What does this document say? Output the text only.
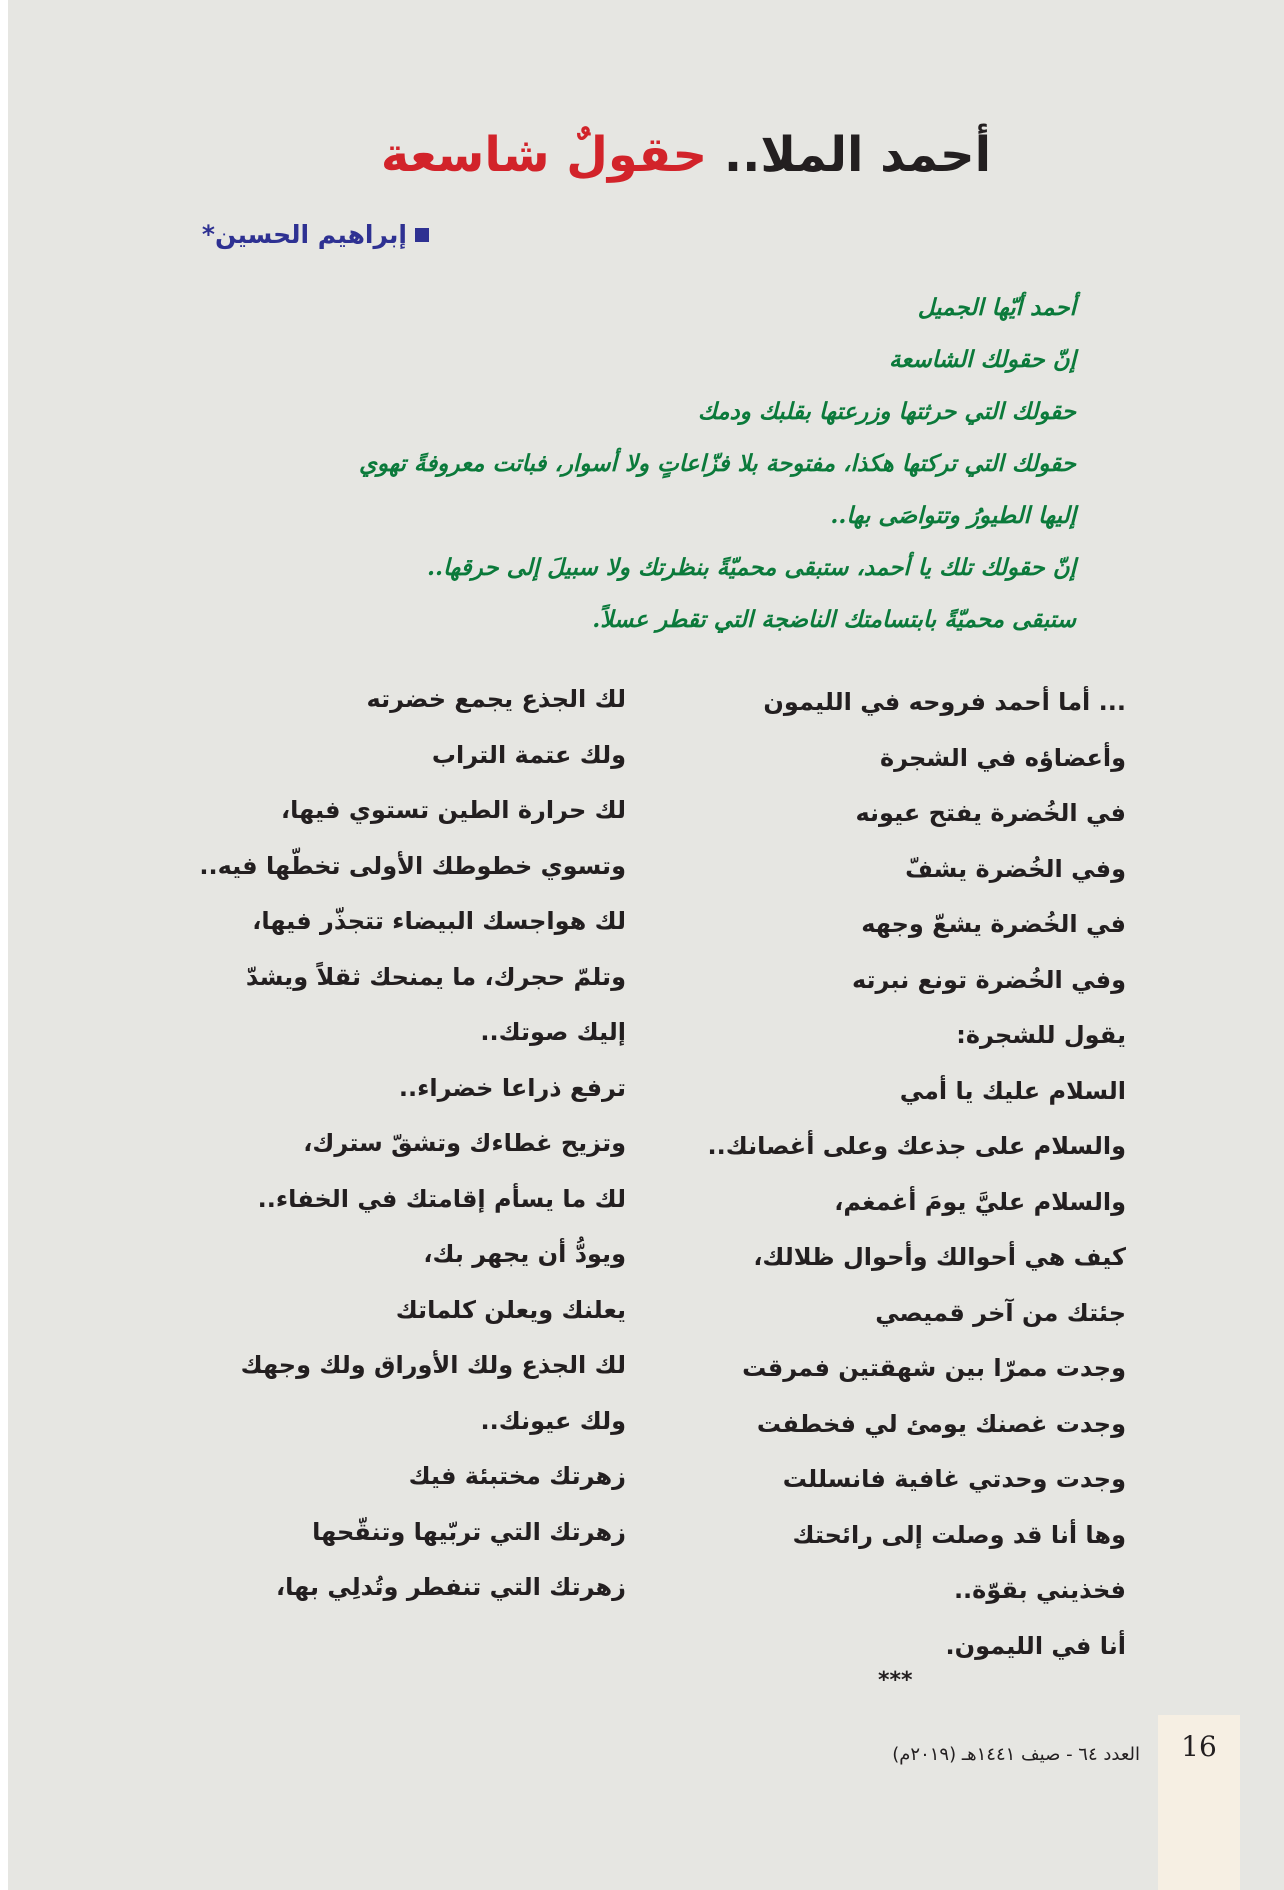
أحمد الملا.. حقولٌ شاسعة
إبراهيم الحسين*
أحمد أيّها الجميل
إنّ حقولك الشاسعة
حقولك التي حرثتها وزرعتها بقلبك ودمك
حقولك التي تركتها هكذا، مفتوحة بلا فزّاعاتٍ ولا أسوار، فباتت معروفةً تهوي
إليها الطيورُ وتتواصَى بها..
إنّ حقولك تلك يا أحمد، ستبقى محميّةً بنظرتك ولا سبيلَ إلى حرقها..
ستبقى محميّةً بابتسامتك الناضجة التي تقطر عسلاً.
... أما أحمد فروحه في الليمون
وأعضاؤه في الشجرة
في الخُضرة يفتح عيونه
وفي الخُضرة يشفّ
في الخُضرة يشعّ وجهه
وفي الخُضرة تونع نبرته
يقول للشجرة:
السلام عليك يا أمي
والسلام على جذعك وعلى أغصانك..
والسلام عليَّ يومَ أغمغم،
كيف هي أحوالك وأحوال ظلالك،
جئتك من آخر قميصي
وجدت ممرّا بين شهقتين فمرقت
وجدت غصنك يومئ لي فخطفت
وجدت وحدتي غافية فانسللت
وها أنا قد وصلت إلى رائحتك
فخذيني بقوّة..
أنا في الليمون.
لك الجذع يجمع خضرته
ولك عتمة التراب
لك حرارة الطين تستوي فيها،
وتسوي خطوطك الأولى تخطّها فيه..
لك هواجسك البيضاء تتجذّر فيها،
وتلمّ حجرك، ما يمنحك ثقلاً ويشدّ
إليك صوتك..
ترفع ذراعا خضراء..
وتزيح غطاءك وتشقّ سترك،
لك ما يسأم إقامتك في الخفاء..
ويودُّ أن يجهر بك،
يعلنك ويعلن كلماتك
لك الجذع ولك الأوراق ولك وجهك
ولك عيونك..
زهرتك مختبئة فيك
زهرتك التي تربّيها وتنقّحها
زهرتك التي تنفطر وتُدلِي بها،
***
العدد ٦٤ - صيف ١٤٤١هـ (٢٠١٩م)	16
